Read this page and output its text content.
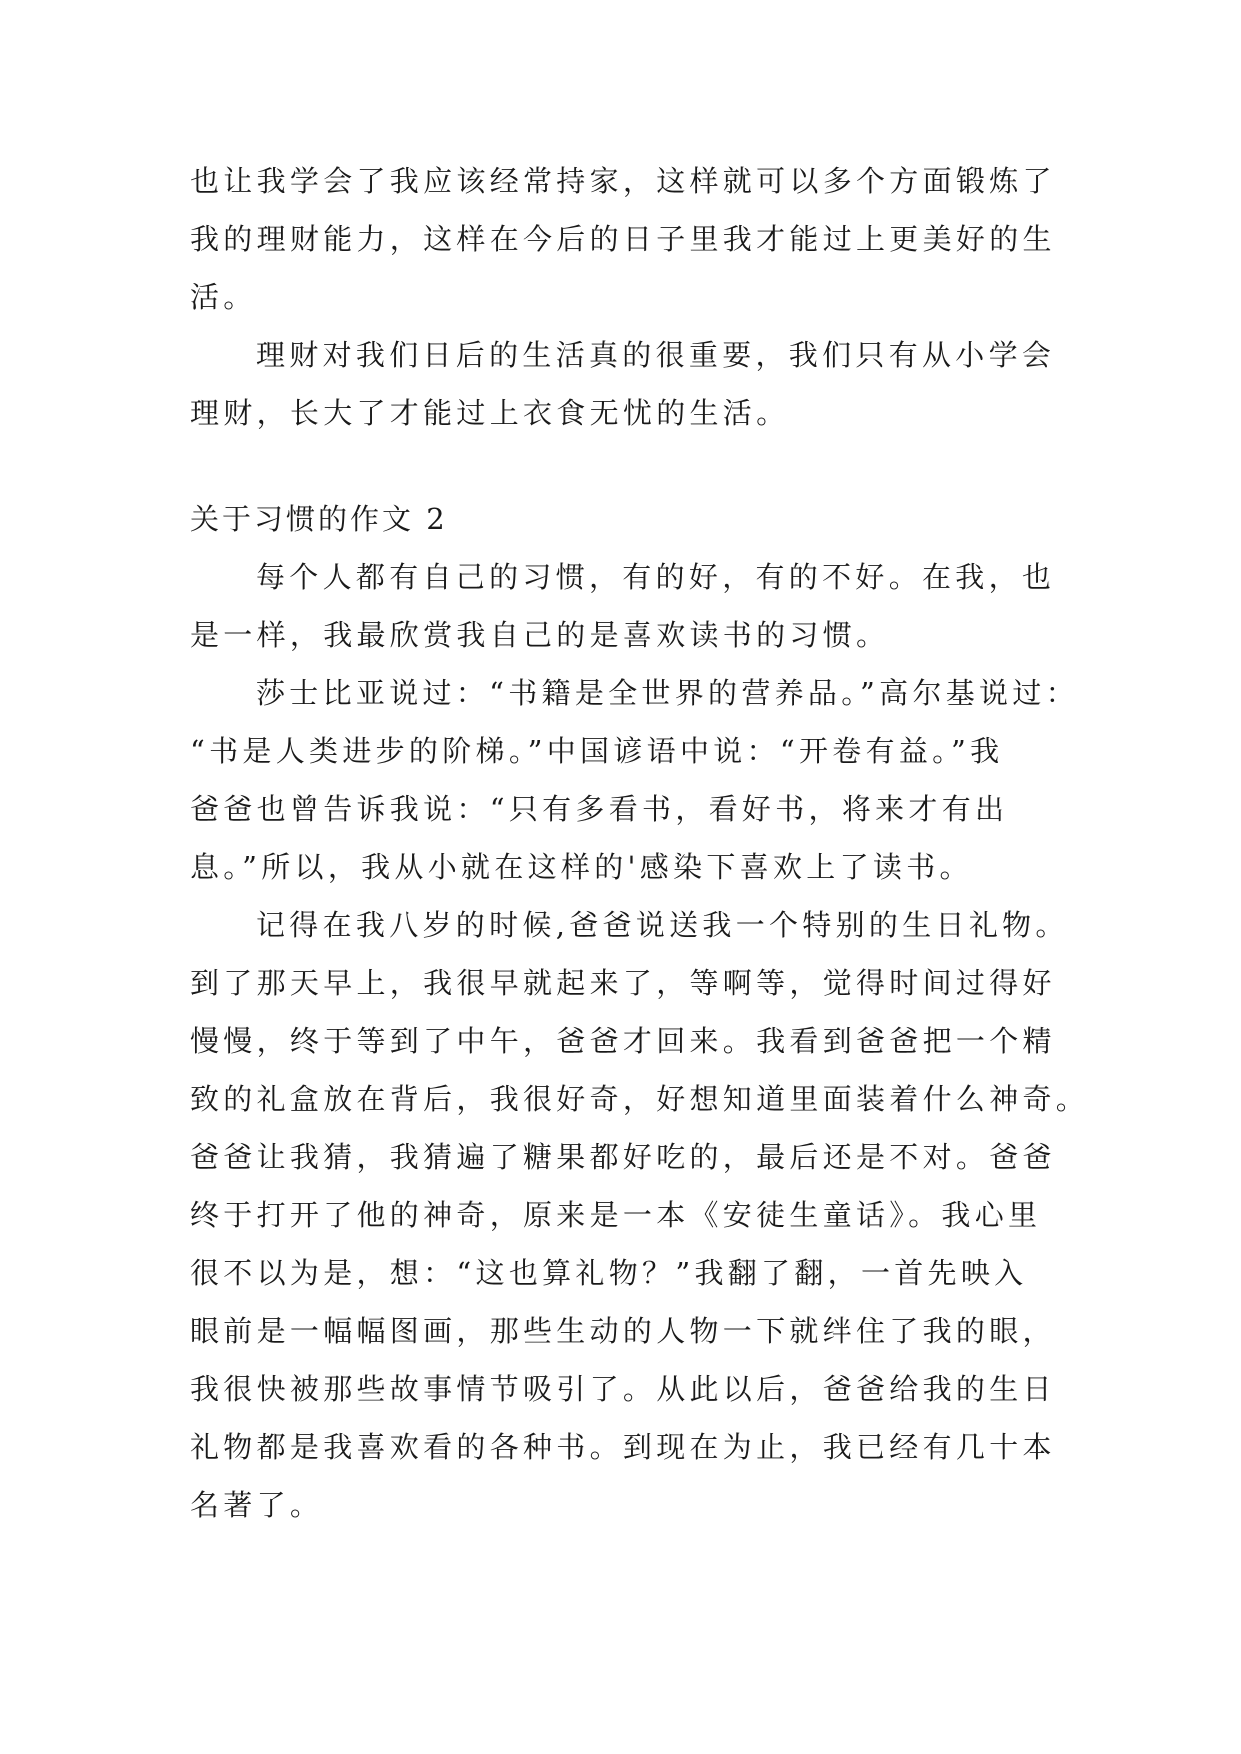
也让我学会了我应该经常持家，这样就可以多个方面锻炼了
我的理财能力，这样在今后的日子里我才能过上更美好的生
活。
理财对我们日后的生活真的很重要，我们只有从小学会
理财，长大了才能过上衣食无忧的生活。
关于习惯的作文 2
每个人都有自己的习惯，有的好，有的不好。在我，也
是一样，我最欣赏我自己的是喜欢读书的习惯。
莎士比亚说过：“书籍是全世界的营养品。”高尔基说过：
“书是人类进步的阶梯。”中国谚语中说：“开卷有益。”我
爸爸也曾告诉我说：“只有多看书，看好书，将来才有出
息。”所以，我从小就在这样的'感染下喜欢上了读书。
记得在我八岁的时候,爸爸说送我一个特别的生日礼物。
到了那天早上，我很早就起来了，等啊等，觉得时间过得好
慢慢，终于等到了中午，爸爸才回来。我看到爸爸把一个精
致的礼盒放在背后，我很好奇，好想知道里面装着什么神奇。
爸爸让我猜，我猜遍了糖果都好吃的，最后还是不对。爸爸
终于打开了他的神奇，原来是一本《安徒生童话》。我心里
很不以为是，想：“这也算礼物？”我翻了翻，一首先映入
眼前是一幅幅图画，那些生动的人物一下就绊住了我的眼，
我很快被那些故事情节吸引了。从此以后，爸爸给我的生日
礼物都是我喜欢看的各种书。到现在为止，我已经有几十本
名著了。
